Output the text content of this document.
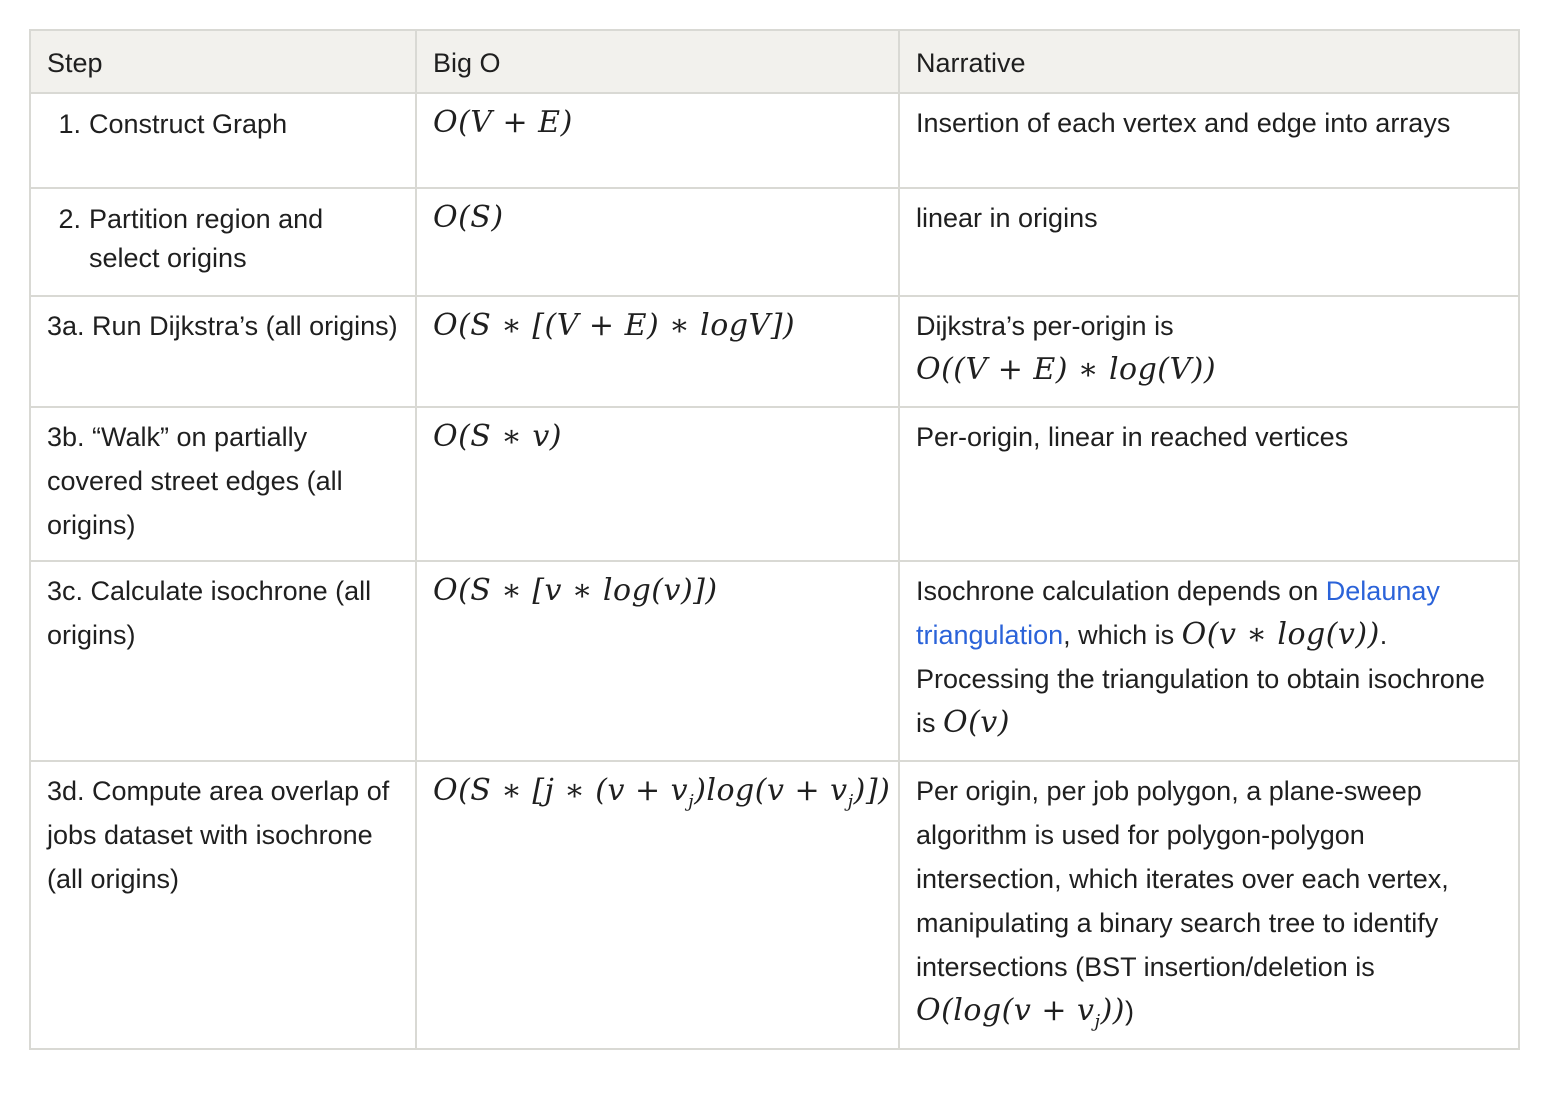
Step	Big O	Narrative

1. Construct Graph	O(V + E)	Insertion of each vertex and edge into arrays

2. Partition region and select origins	O(S)	linear in origins
3a. Run Dijkstra’s (all origins)	O(S ∗ [(V + E) ∗ logV])	Dijkstra’s per-origin is
O((V + E) ∗ log(V))
3b. “Walk” on partially covered street edges (all origins)	O(S ∗ v)	Per-origin, linear in reached vertices
3c. Calculate isochrone (all origins)	O(S ∗ [v ∗ log(v)])	Isochrone calculation depends on Delaunay triangulation, which is O(v ∗ log(v)). Processing the triangulation to obtain isochrone is O(v)
3d. Compute area overlap of jobs dataset with isochrone (all origins)	O(S ∗ [j ∗ $(v + v_j)\log(v + v_j)$])	Per origin, per job polygon, a plane-sweep algorithm is used for polygon-polygon intersection, which iterates over each vertex, manipulating a binary search tree to identify intersections (BST insertion/deletion is $O(\log(v + v_j))$)
